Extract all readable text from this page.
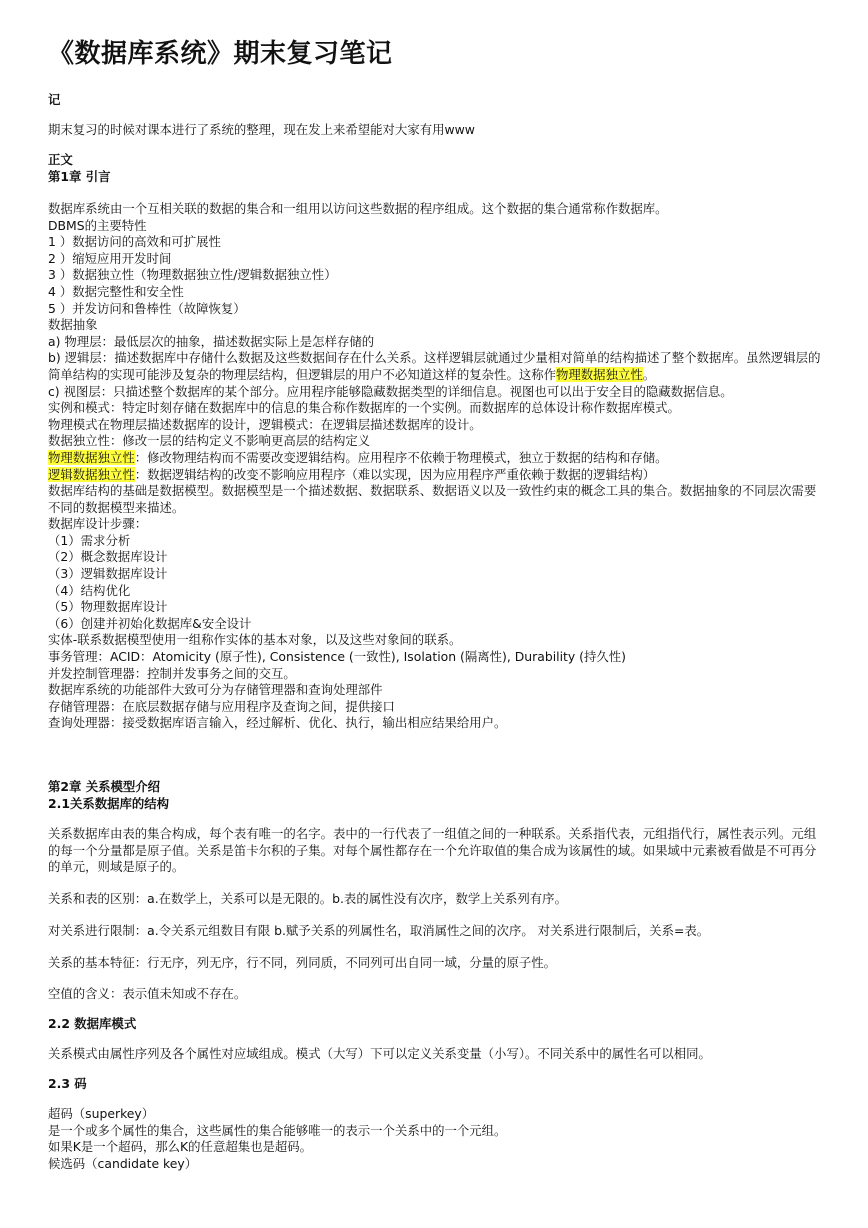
《数据库系统》期末复习笔记
记
期末复习的时候对课本进行了系统的整理，现在发上来希望能对大家有用www
正文
第1章 引言
数据库系统由一个互相关联的数据的集合和一组用以访问这些数据的程序组成。这个数据的集合通常称作数据库。
DBMS的主要特性
1 ）数据访问的高效和可扩展性
2 ）缩短应用开发时间
3 ）数据独立性（物理数据独立性/逻辑数据独立性）
4 ）数据完整性和安全性
5 ）并发访问和鲁棒性（故障恢复）
数据抽象
a) 物理层：最低层次的抽象，描述数据实际上是怎样存储的
b) 逻辑层：描述数据库中存储什么数据及这些数据间存在什么关系。这样逻辑层就通过少量相对简单的结构描述了整个数据库。虽然逻辑层的简单结构的实现可能涉及复杂的物理层结构，但逻辑层的用户不必知道这样的复杂性。这称作物理数据独立性。
c) 视图层：只描述整个数据库的某个部分。应用程序能够隐藏数据类型的详细信息。视图也可以出于安全目的隐藏数据信息。
实例和模式：特定时刻存储在数据库中的信息的集合称作数据库的一个实例。而数据库的总体设计称作数据库模式。
物理模式在物理层描述数据库的设计，逻辑模式：在逻辑层描述数据库的设计。
数据独立性：修改一层的结构定义不影响更高层的结构定义
物理数据独立性：修改物理结构而不需要改变逻辑结构。应用程序不依赖于物理模式，独立于数据的结构和存储。
逻辑数据独立性：数据逻辑结构的改变不影响应用程序（难以实现，因为应用程序严重依赖于数据的逻辑结构）
数据库结构的基础是数据模型。数据模型是一个描述数据、数据联系、数据语义以及一致性约束的概念工具的集合。数据抽象的不同层次需要不同的数据模型来描述。
数据库设计步骤：
（1）需求分析
（2）概念数据库设计
（3）逻辑数据库设计
（4）结构优化
（5）物理数据库设计
（6）创建并初始化数据库&安全设计
实体-联系数据模型使用一组称作实体的基本对象，以及这些对象间的联系。
事务管理：ACID：Atomicity (原子性), Consistence (一致性), Isolation (隔离性), Durability (持久性)
并发控制管理器：控制并发事务之间的交互。
数据库系统的功能部件大致可分为存储管理器和查询处理部件
存储管理器：在底层数据存储与应用程序及查询之间，提供接口
查询处理器：接受数据库语言输入，经过解析、优化、执行，输出相应结果给用户。
第2章 关系模型介绍
2.1关系数据库的结构
关系数据库由表的集合构成，每个表有唯一的名字。表中的一行代表了一组值之间的一种联系。关系指代表，元组指代行，属性表示列。元组的每一个分量都是原子值。关系是笛卡尔积的子集。对每个属性都存在一个允许取值的集合成为该属性的域。如果域中元素被看做是不可再分的单元，则域是原子的。
关系和表的区别：a.在数学上，关系可以是无限的。b.表的属性没有次序，数学上关系列有序。
对关系进行限制：a.令关系元组数目有限 b.赋予关系的列属性名，取消属性之间的次序。 对关系进行限制后，关系=表。
关系的基本特征：行无序，列无序，行不同，列同质，不同列可出自同一域，分量的原子性。
空值的含义：表示值未知或不存在。
2.2 数据库模式
关系模式由属性序列及各个属性对应域组成。模式（大写）下可以定义关系变量（小写）。不同关系中的属性名可以相同。
2.3 码
超码（superkey）
是一个或多个属性的集合，这些属性的集合能够唯一的表示一个关系中的一个元组。
如果K是一个超码，那么K的任意超集也是超码。
候选码（candidate key）
